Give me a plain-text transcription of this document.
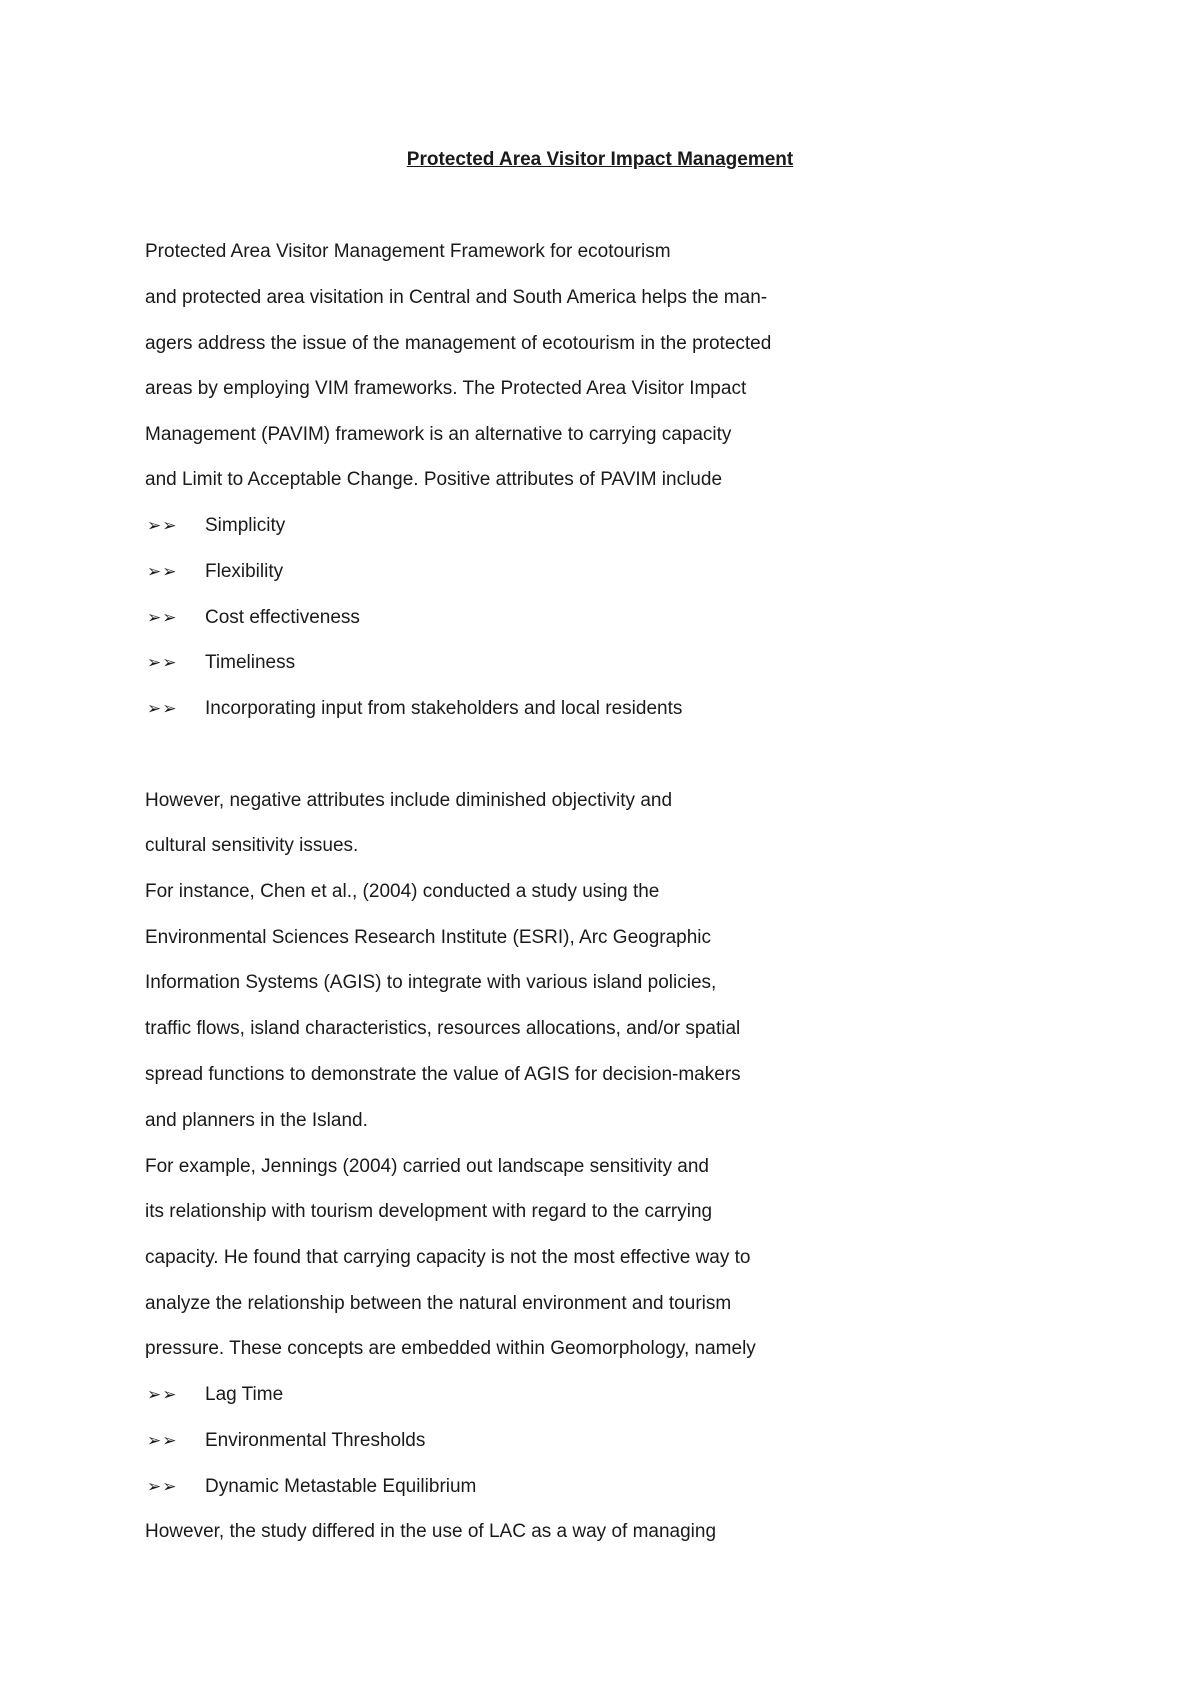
Protected Area Visitor Impact Management
Protected Area Visitor Management Framework for ecotourism
and protected area visitation in Central and South America helps the man-
agers address the issue of the management of ecotourism in the protected
areas by employing VIM frameworks. The Protected Area Visitor Impact
Management (PAVIM) framework is an alternative to carrying capacity
and Limit to Acceptable Change. Positive attributes of PAVIM include
➢➢ Simplicity
➢➢ Flexibility
➢➢ Cost effectiveness
➢➢ Timeliness
➢➢ Incorporating input from stakeholders and local residents
However, negative attributes include diminished objectivity and
cultural sensitivity issues.
For instance, Chen et al., (2004) conducted a study using the
Environmental Sciences Research Institute (ESRI), Arc Geographic
Information Systems (AGIS) to integrate with various island policies,
traffic flows, island characteristics, resources allocations, and/or spatial
spread functions to demonstrate the value of AGIS for decision-makers
and planners in the Island.
For example, Jennings (2004) carried out landscape sensitivity and
its relationship with tourism development with regard to the carrying
capacity. He found that carrying capacity is not the most effective way to
analyze the relationship between the natural environment and tourism
pressure. These concepts are embedded within Geomorphology, namely
➢➢ Lag Time
➢➢ Environmental Thresholds
➢➢ Dynamic Metastable Equilibrium
However, the study differed in the use of LAC as a way of managing
